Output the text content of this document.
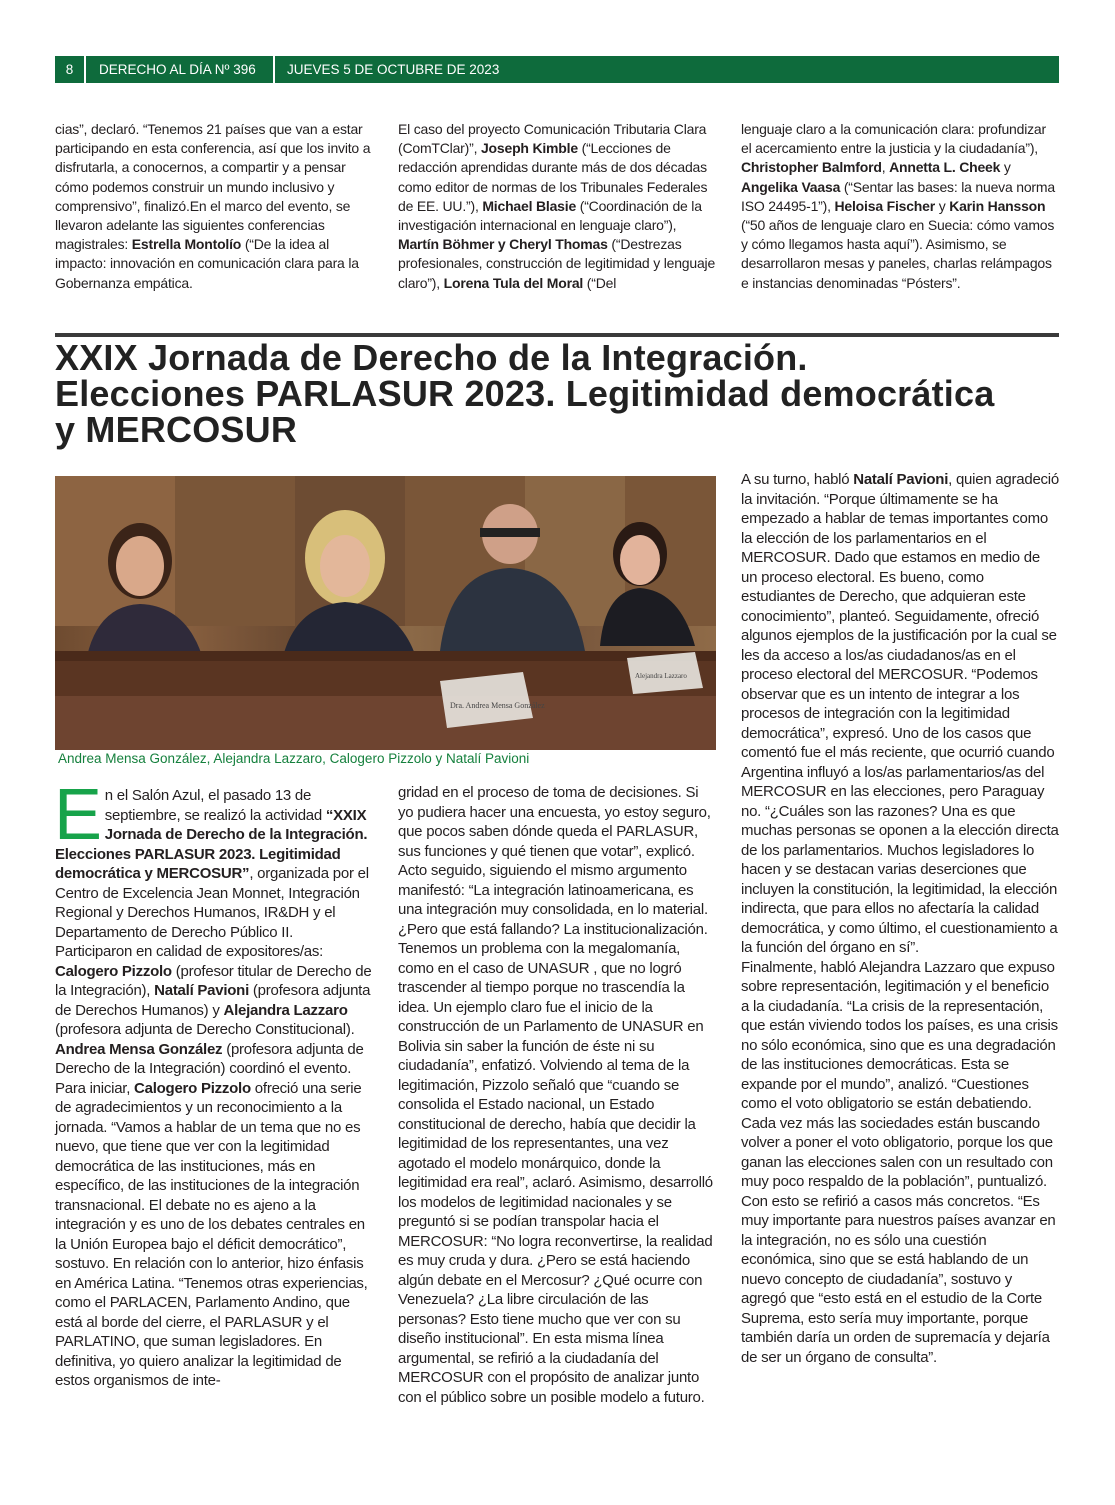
8	DERECHO AL DÍA Nº 396 JUEVES 5 DE OCTUBRE DE 2023
cias”, declaró. “Tenemos 21 países que van a estar participando en esta conferencia, así que los invito a disfrutarla, a conocernos, a compartir y a pensar cómo podemos construir un mundo inclusivo y comprensivo”, finalizó.En el marco del evento, se llevaron adelante las siguientes conferencias magistrales: Estrella Montolío (“De la idea al impacto: innovación en comunicación clara para la Gobernanza empática.
El caso del proyecto Comunicación Tributaria Clara (ComTClar)”, Joseph Kimble (“Lecciones de redacción aprendidas durante más de dos décadas como editor de normas de los Tribunales Federales de EE. UU.”), Michael Blasie (“Coordinación de la investigación internacional en lenguaje claro”), Martín Böhmer y Cheryl Thomas (“Destrezas profesionales, construcción de legitimidad y lenguaje claro”), Lorena Tula del Moral (“Del
lenguaje claro a la comunicación clara: profundizar el acercamiento entre la justicia y la ciudadanía”), Christopher Balmford, Annetta L. Cheek y Angelika Vaasa (“Sentar las bases: la nueva norma ISO 24495-1”), Heloisa Fischer y Karin Hansson (“50 años de lenguaje claro en Suecia: cómo vamos y cómo llegamos hasta aquí”). Asimismo, se desarrollaron mesas y paneles, charlas relámpagos e instancias denominadas “Pósters”.
XXIX Jornada de Derecho de la Integración.
Elecciones PARLASUR 2023. Legitimidad democrática
y MERCOSUR
Dra. Andrea Mensa González
Alejandra Lazzaro
Andrea Mensa González, Alejandra Lazzaro, Calogero Pizzolo y Natalí Pavioni
En el Salón Azul, el pasado 13 de septiembre, se realizó la actividad “XXIX Jornada de Derecho de la Integración. Elecciones PARLASUR 2023. Legitimidad democrática y MERCOSUR”, organizada por el Centro de Excelencia Jean Monnet, Integración Regional y Derechos Humanos, IR&DH y el Departamento de Derecho Público II.
Participaron en calidad de expositores/as: Calogero Pizzolo (profesor titular de Derecho de la Integración), Natalí Pavioni (profesora adjunta de Derechos Humanos) y Alejandra Lazzaro (profesora adjunta de Derecho Constitucional). Andrea Mensa González (profesora adjunta de Derecho de la Integración) coordinó el evento.
Para iniciar, Calogero Pizzolo ofreció una serie de agradecimientos y un reconocimiento a la jornada. “Vamos a hablar de un tema que no es nuevo, que tiene que ver con la legitimidad democrática de las instituciones, más en específico, de las instituciones de la integración transnacional. El debate no es ajeno a la integración y es uno de los debates centrales en la Unión Europea bajo el déficit democrático”, sostuvo. En relación con lo anterior, hizo énfasis en América Latina. “Tenemos otras experiencias, como el PARLACEN, Parlamento Andino, que está al borde del cierre, el PARLASUR y el PARLATINO, que suman legisladores. En definitiva, yo quiero analizar la legitimidad de estos organismos de inte-
gridad en el proceso de toma de decisiones. Si yo pudiera hacer una encuesta, yo estoy seguro, que pocos saben dónde queda el PARLASUR, sus funciones y qué tienen que votar”, explicó. Acto seguido, siguiendo el mismo argumento manifestó: “La integración latinoamericana, es una integración muy consolidada, en lo material. ¿Pero que está fallando? La institucionalización. Tenemos un problema con la megalomanía, como en el caso de UNASUR , que no logró trascender al tiempo porque no trascendía la idea. Un ejemplo claro fue el inicio de la construcción de un Parlamento de UNASUR en Bolivia sin saber la función de éste ni su ciudadanía”, enfatizó. Volviendo al tema de la legitimación, Pizzolo señaló que “cuando se consolida el Estado nacional, un Estado constitucional de derecho, había que decidir la legitimidad de los representantes, una vez agotado el modelo monárquico, donde la legitimidad era real”, aclaró. Asimismo, desarrolló los modelos de legitimidad nacionales y se preguntó si se podían transpolar hacia el MERCOSUR: “No logra reconvertirse, la realidad es muy cruda y dura. ¿Pero se está haciendo algún debate en el Mercosur? ¿Qué ocurre con Venezuela? ¿La libre circulación de las personas? Esto tiene mucho que ver con su diseño institucional”. En esta misma línea argumental, se refirió a la ciudadanía del MERCOSUR con el propósito de analizar junto con el público sobre un posible modelo a futuro.
A su turno, habló Natalí Pavioni, quien agradeció la invitación. “Porque últimamente se ha empezado a hablar de temas importantes como la elección de los parlamentarios en el MERCOSUR. Dado que estamos en medio de un proceso electoral. Es bueno, como estudiantes de Derecho, que adquieran este conocimiento”, planteó. Seguidamente, ofreció algunos ejemplos de la justificación por la cual se les da acceso a los/as ciudadanos/as en el proceso electoral del MERCOSUR. “Podemos observar que es un intento de integrar a los procesos de integración con la legitimidad democrática”, expresó. Uno de los casos que comentó fue el más reciente, que ocurrió cuando Argentina influyó a los/as parlamentarios/as del MERCOSUR en las elecciones, pero Paraguay no. “¿Cuáles son las razones? Una es que muchas personas se oponen a la elección directa de los parlamentarios. Muchos legisladores lo hacen y se destacan varias deserciones que incluyen la constitución, la legitimidad, la elección indirecta, que para ellos no afectaría la calidad democrática, y como último, el cuestionamiento a la función del órgano en sí”.
Finalmente, habló Alejandra Lazzaro que expuso sobre representación, legitimación y el beneficio a la ciudadanía. “La crisis de la representación, que están viviendo todos los países, es una crisis no sólo económica, sino que es una degradación de las instituciones democráticas. Esta se expande por el mundo”, analizó. “Cuestiones como el voto obligatorio se están debatiendo. Cada vez más las sociedades están buscando volver a poner el voto obligatorio, porque los que ganan las elecciones salen con un resultado con muy poco respaldo de la población”, puntualizó. Con esto se refirió a casos más concretos. “Es muy importante para nuestros países avanzar en la integración, no es sólo una cuestión económica, sino que se está hablando de un nuevo concepto de ciudadanía”, sostuvo y agregó que “esto está en el estudio de la Corte Suprema, esto sería muy importante, porque también daría un orden de supremacía y dejaría de ser un órgano de consulta”.
